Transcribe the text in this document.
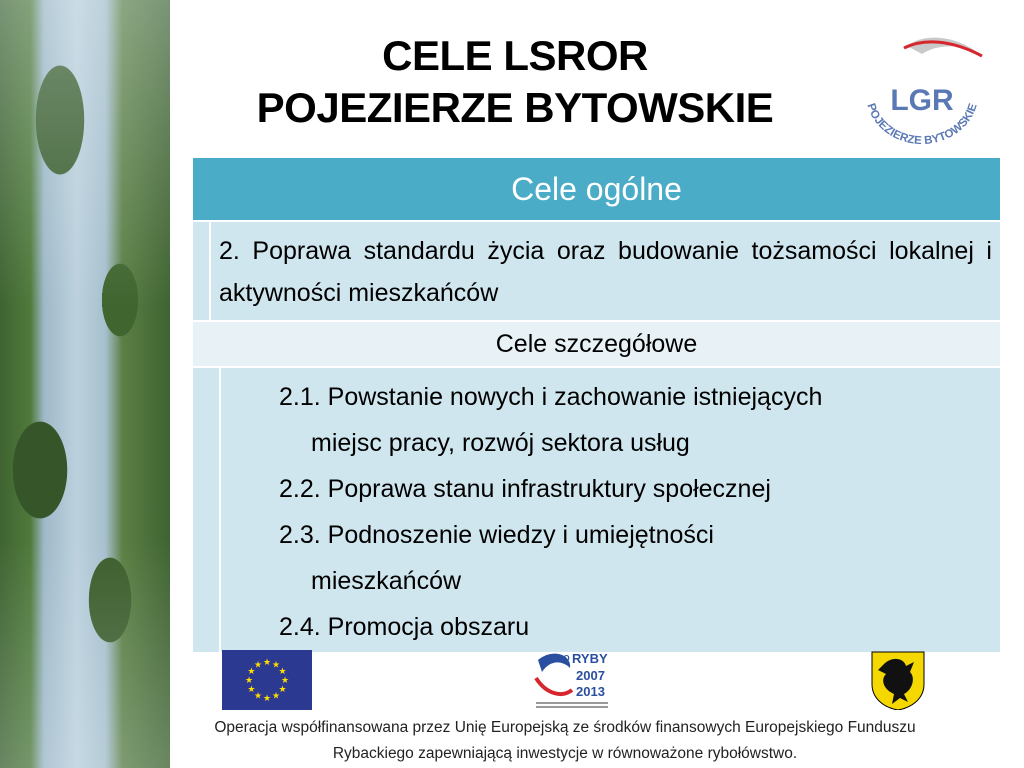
CELE LSROR
POJEZIERZE BYTOWSKIE	LGR
POJEZIERZE BYTOWSKIE
Cele ogólne
2. Poprawa standardu życia oraz budowanie tożsamości lokalnej i aktywności mieszkańców
Cele szczegółowe
2.1. Powstanie nowych i zachowanie istniejących
miejsc pracy, rozwój sektora usług
2.2. Poprawa stanu infrastruktury społecznej
2.3. Podnoszenie wiedzy i umiejętności
mieszkańców
2.4. Promocja obszaru
★ ★
★
★
★
★
★
★
★
★
★
★
PO RYBY
2007
2013
Operacja współfinansowana przez Unię Europejską ze środków finansowych Europejskiego Funduszu
Rybackiego zapewniającą inwestycje w równoważone rybołówstwo.
